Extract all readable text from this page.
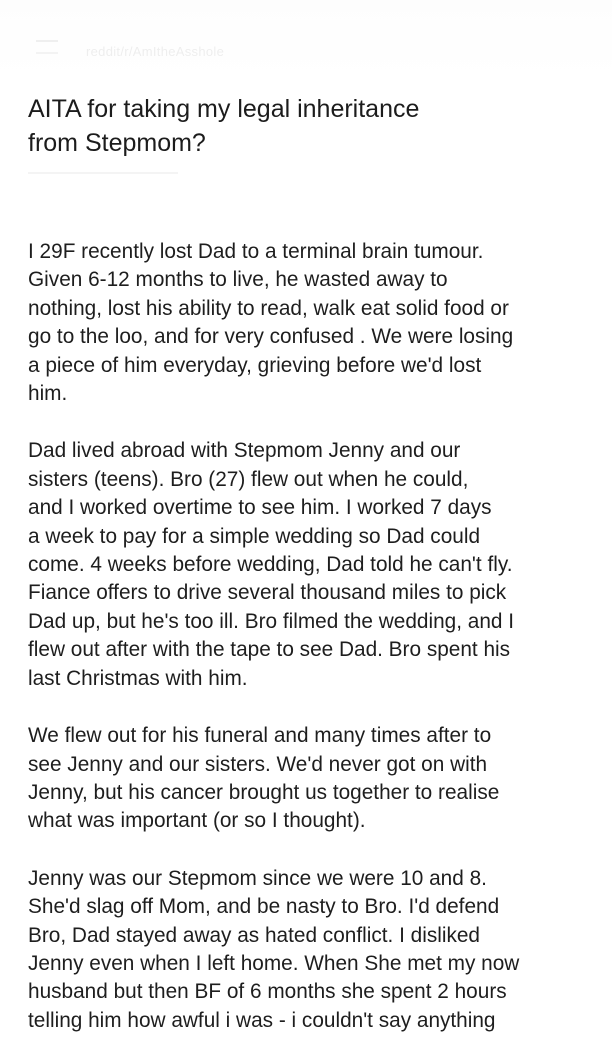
reddit/r/AmItheAsshole
AITA for taking my legal inheritance
from Stepmom?

I 29F recently lost Dad to a terminal brain tumour.
Given 6-12 months to live, he wasted away to
nothing, lost his ability to read, walk eat solid food or
go to the loo, and for very confused . We were losing
a piece of him everyday, grieving before we'd lost
him.

Dad lived abroad with Stepmom Jenny and our
sisters (teens). Bro (27) flew out when he could,
and I worked overtime to see him. I worked 7 days
a week to pay for a simple wedding so Dad could
come. 4 weeks before wedding, Dad told he can't fly.
Fiance offers to drive several thousand miles to pick
Dad up, but he's too ill. Bro filmed the wedding, and I
flew out after with the tape to see Dad. Bro spent his
last Christmas with him.

We flew out for his funeral and many times after to
see Jenny and our sisters. We'd never got on with
Jenny, but his cancer brought us together to realise
what was important (or so I thought).

Jenny was our Stepmom since we were 10 and 8.
She'd slag off Mom, and be nasty to Bro. I'd defend
Bro, Dad stayed away as hated conflict. I disliked
Jenny even when I left home. When She met my now
husband but then BF of 6 months she spent 2 hours
telling him how awful i was - i couldn't say anything
